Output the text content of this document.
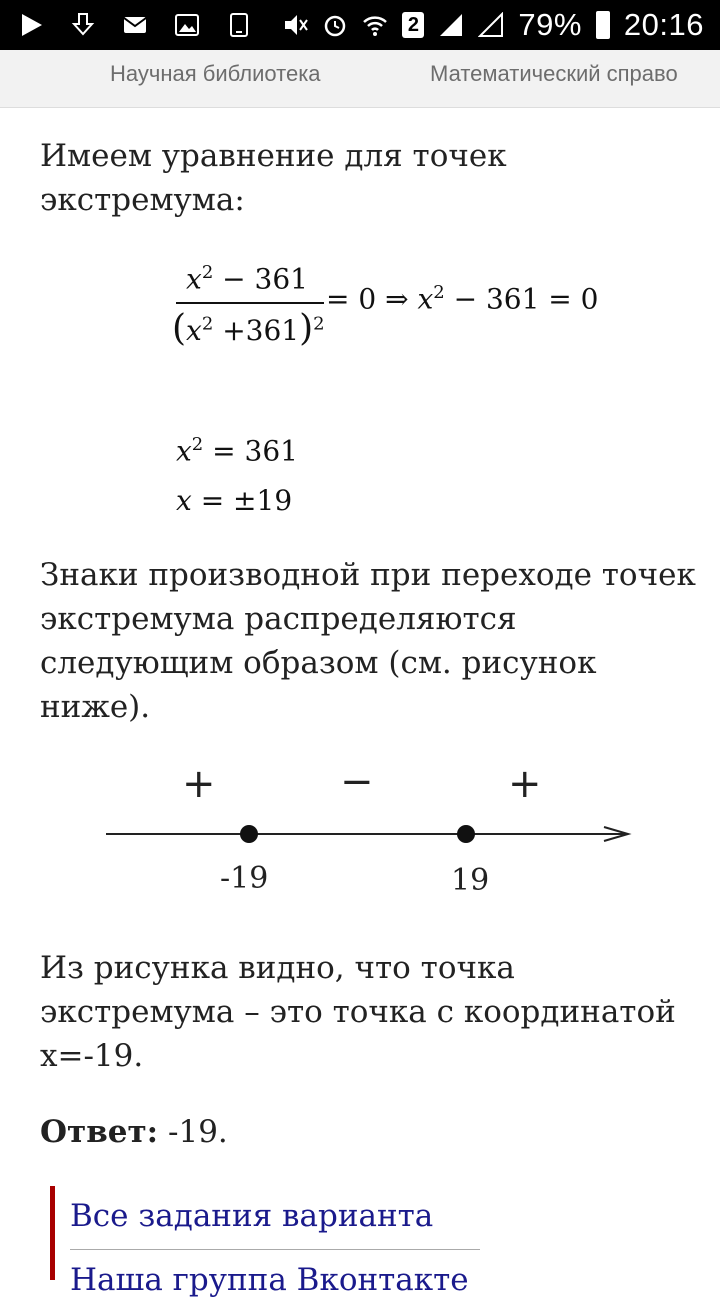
2	79% 20:16
Научная библиотека	Математический справо
Имеем уравнение для точек экстремума:
$x^2 - 361$
$(x^2 +361)^2$
= 0 ⇒ $x^2 - 361 = 0$
$x^2 = 361$
x = ±19
Знаки производной при переходе точек экстремума распределяются следующим образом (см. рисунок ниже).
+	−	+
-19	19
Из рисунка видно, что точка экстремума – это точка с координатой x=-19.
Ответ: -19.
Все задания варианта
Наша группа Вконтакте
